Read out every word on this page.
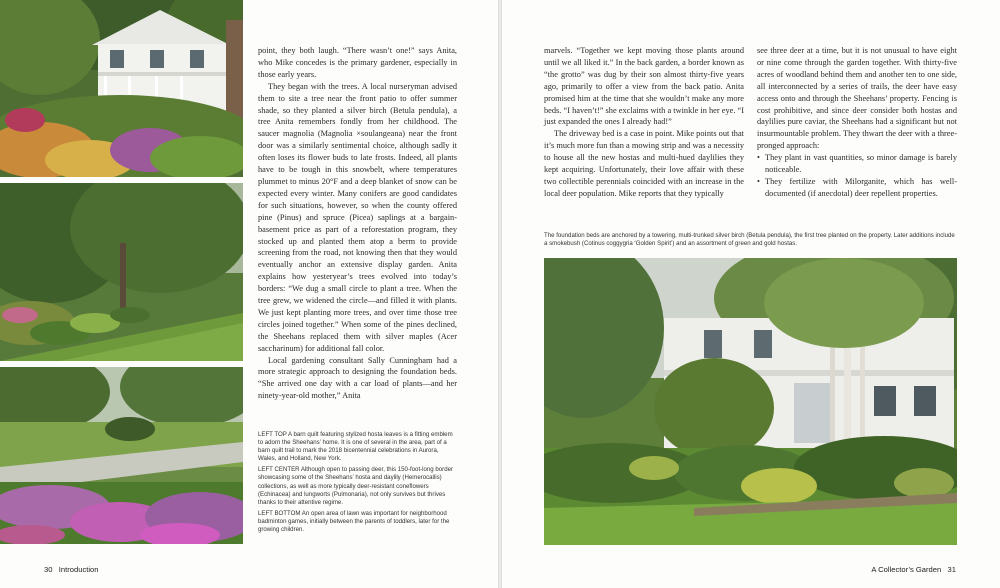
point, they both laugh. “There wasn’t one!” says Anita, who Mike concedes is the primary gardener, especially in those early years.

They began with the trees. A local nurseryman advised them to site a tree near the front patio to offer summer shade, so they planted a silver birch (Betula pendula), a tree Anita remembers fondly from her childhood. The saucer magnolia (Magnolia ×soulangeana) near the front door was a similarly sentimental choice, although sadly it often loses its flower buds to late frosts. Indeed, all plants have to be tough in this snowbelt, where temperatures plummet to minus 20°F and a deep blanket of snow can be expected every winter. Many conifers are good candidates for such situations, however, so when the county offered pine (Pinus) and spruce (Picea) saplings at a bargain-basement price as part of a reforestation program, they stocked up and planted them atop a berm to provide screening from the road, not knowing then that they would eventually anchor an extensive display garden. Anita explains how yesteryear’s trees evolved into today’s borders: “We dug a small circle to plant a tree. When the tree grew, we widened the circle—and filled it with plants. We just kept planting more trees, and over time those tree circles joined together.” When some of the pines declined, the Sheehans replaced them with silver maples (Acer saccharinum) for additional fall color.

Local gardening consultant Sally Cunningham had a more strategic approach to designing the foundation beds. “She arrived one day with a car load of plants—and her ninety-year-old mother,” Anita

LEFT TOP A barn quilt featuring stylized hosta leaves is a fitting emblem to adorn the Sheehans’ home. It is one of several in the area, part of a barn quilt trail to mark the 2018 bicentennial celebrations in Aurora, Wales, and Holland, New York.

LEFT CENTER Although open to passing deer, this 150-foot-long border showcasing some of the Sheehans’ hosta and daylily (Hemerocallis) collections, as well as more typically deer-resistant coneflowers (Echinacea) and lungworts (Pulmonaria), not only survives but thrives thanks to their attentive regime.

LEFT BOTTOM An open area of lawn was important for neighborhood badminton games, initially between the parents of toddlers, later for the growing children.

30 Introduction

marvels. “Together we kept moving those plants around until we all liked it.” In the back garden, a border known as “the grotto” was dug by their son almost thirty-five years ago, primarily to offer a view from the back patio. Anita promised him at the time that she wouldn’t make any more beds. “I haven’t!” she exclaims with a twinkle in her eye. “I just expanded the ones I already had!”

The driveway bed is a case in point. Mike points out that it’s much more fun than a mowing strip and was a necessity to house all the new hostas and multi-hued daylilies they kept acquiring. Unfortunately, their love affair with these two collectible perennials coincided with an increase in the local deer population. Mike reports that they typically

see three deer at a time, but it is not unusual to have eight or nine come through the garden together. With thirty-five acres of woodland behind them and another ten to one side, all interconnected by a series of trails, the deer have easy access onto and through the Sheehans’ property. Fencing is cost prohibitive, and since deer consider both hostas and daylilies pure caviar, the Sheehans had a significant but not insurmountable problem. They thwart the deer with a three-pronged approach:

• They plant in vast quantities, so minor damage is barely noticeable.
• They fertilize with Milorganite, which has well-documented (if anecdotal) deer repellent properties.

The foundation beds are anchored by a towering, multi-trunked silver birch (Betula pendula), the first tree planted on the property. Later additions include a smokebush (Cotinus coggygria ‘Golden Spirit’) and an assortment of green and gold hostas.

A Collector’s Garden 31
